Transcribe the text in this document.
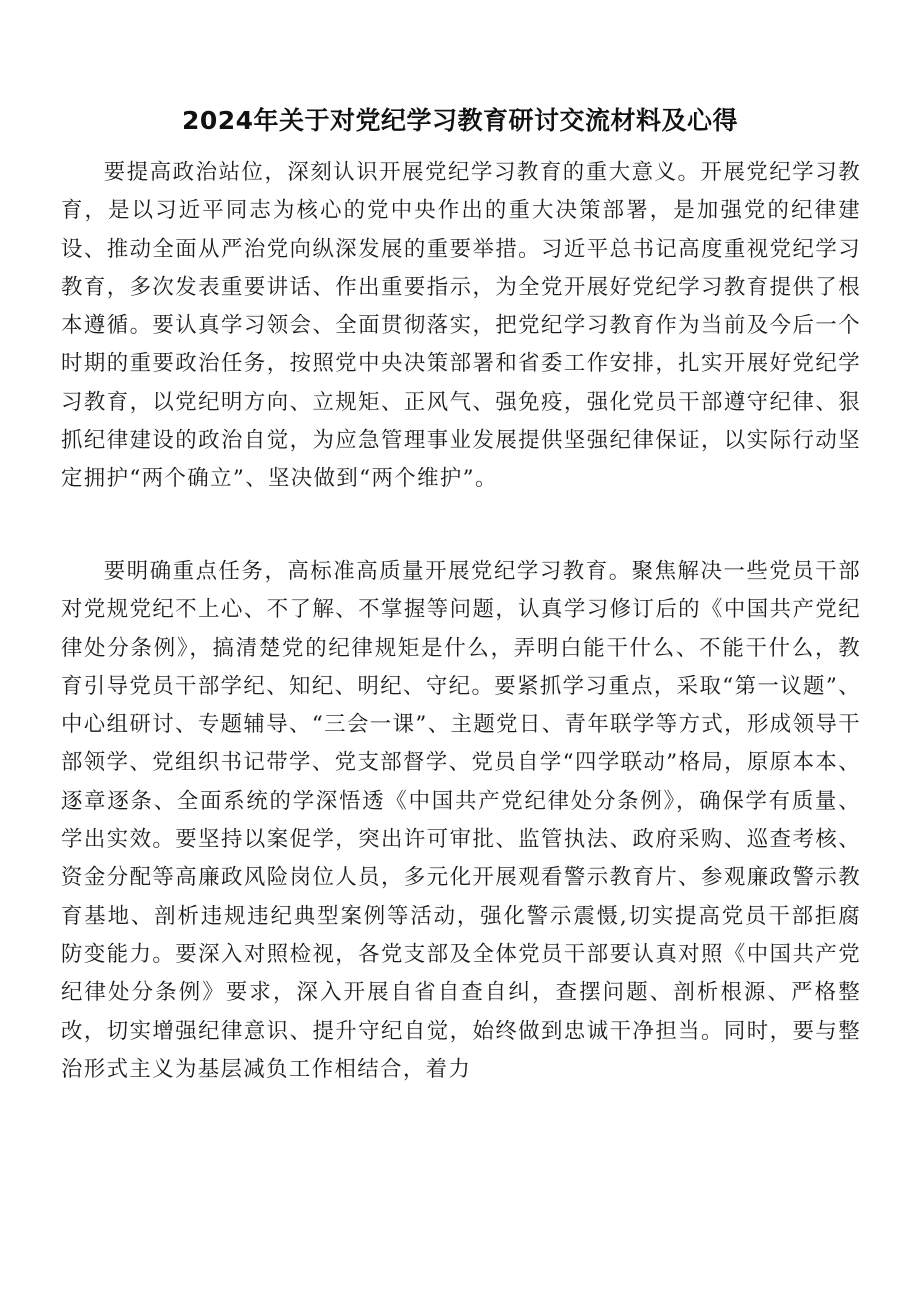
2024年关于对党纪学习教育研讨交流材料及心得

要提高政治站位，深刻认识开展党纪学习教育的重大意义。开展党纪学习教育，是以习近平同志为核心的党中央作出的重大决策部署，是加强党的纪律建设、推动全面从严治党向纵深发展的重要举措。习近平总书记高度重视党纪学习教育，多次发表重要讲话、作出重要指示，为全党开展好党纪学习教育提供了根本遵循。要认真学习领会、全面贯彻落实，把党纪学习教育作为当前及今后一个时期的重要政治任务，按照党中央决策部署和省委工作安排，扎实开展好党纪学习教育，以党纪明方向、立规矩、正风气、强免疫，强化党员干部遵守纪律、狠抓纪律建设的政治自觉，为应急管理事业发展提供坚强纪律保证，以实际行动坚定拥护“两个确立”、坚决做到“两个维护”。

要明确重点任务，高标准高质量开展党纪学习教育。聚焦解决一些党员干部对党规党纪不上心、不了解、不掌握等问题，认真学习修订后的《中国共产党纪律处分条例》，搞清楚党的纪律规矩是什么，弄明白能干什么、不能干什么，教育引导党员干部学纪、知纪、明纪、守纪。要紧抓学习重点，采取“第一议题”、中心组研讨、专题辅导、“三会一课”、主题党日、青年联学等方式，形成领导干部领学、党组织书记带学、党支部督学、党员自学“四学联动”格局，原原本本、逐章逐条、全面系统的学深悟透《中国共产党纪律处分条例》，确保学有质量、学出实效。要坚持以案促学，突出许可审批、监管执法、政府采购、巡查考核、资金分配等高廉政风险岗位人员，多元化开展观看警示教育片、参观廉政警示教育基地、剖析违规违纪典型案例等活动，强化警示震慑,切实提高党员干部拒腐防变能力。要深入对照检视，各党支部及全体党员干部要认真对照《中国共产党纪律处分条例》要求，深入开展自省自查自纠，查摆问题、剖析根源、严格整改，切实增强纪律意识、提升守纪自觉，始终做到忠诚干净担当。同时，要与整治形式主义为基层减负工作相结合，着力
